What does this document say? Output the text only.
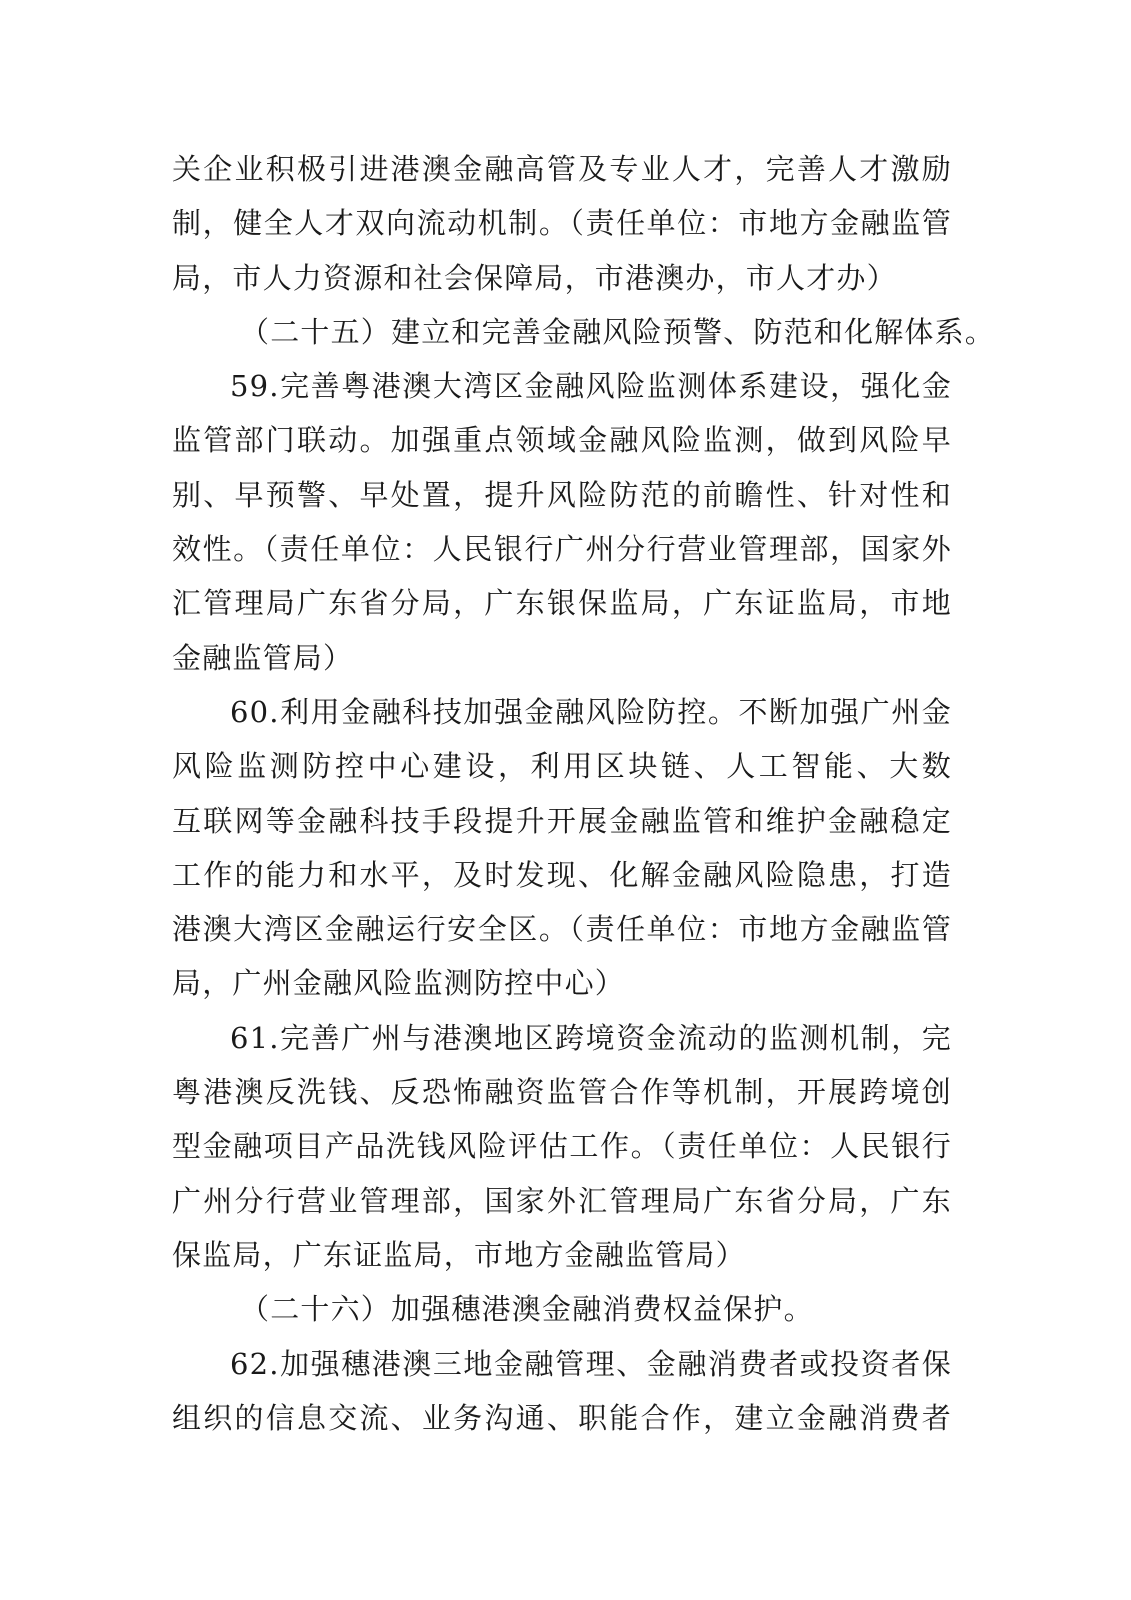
关企业积极引进港澳金融高管及专业人才，完善人才激励
制，健全人才双向流动机制。（责任单位：市地方金融监管
局，市人力资源和社会保障局，市港澳办，市人才办）
（二十五）建立和完善金融风险预警、防范和化解体系。
59.完善粤港澳大湾区金融风险监测体系建设，强化金
监管部门联动。加强重点领域金融风险监测，做到风险早
别、早预警、早处置，提升风险防范的前瞻性、针对性和
效性。（责任单位：人民银行广州分行营业管理部，国家外
汇管理局广东省分局，广东银保监局，广东证监局，市地
金融监管局）
60.利用金融科技加强金融风险防控。不断加强广州金
风险监测防控中心建设，利用区块链、人工智能、大数
互联网等金融科技手段提升开展金融监管和维护金融稳定
工作的能力和水平，及时发现、化解金融风险隐患，打造
港澳大湾区金融运行安全区。（责任单位：市地方金融监管
局，广州金融风险监测防控中心）
61.完善广州与港澳地区跨境资金流动的监测机制，完
粤港澳反洗钱、反恐怖融资监管合作等机制，开展跨境创
型金融项目产品洗钱风险评估工作。（责任单位：人民银行
广州分行营业管理部，国家外汇管理局广东省分局，广东
保监局，广东证监局，市地方金融监管局）
（二十六）加强穗港澳金融消费权益保护。
62.加强穗港澳三地金融管理、金融消费者或投资者保
组织的信息交流、业务沟通、职能合作，建立金融消费者
